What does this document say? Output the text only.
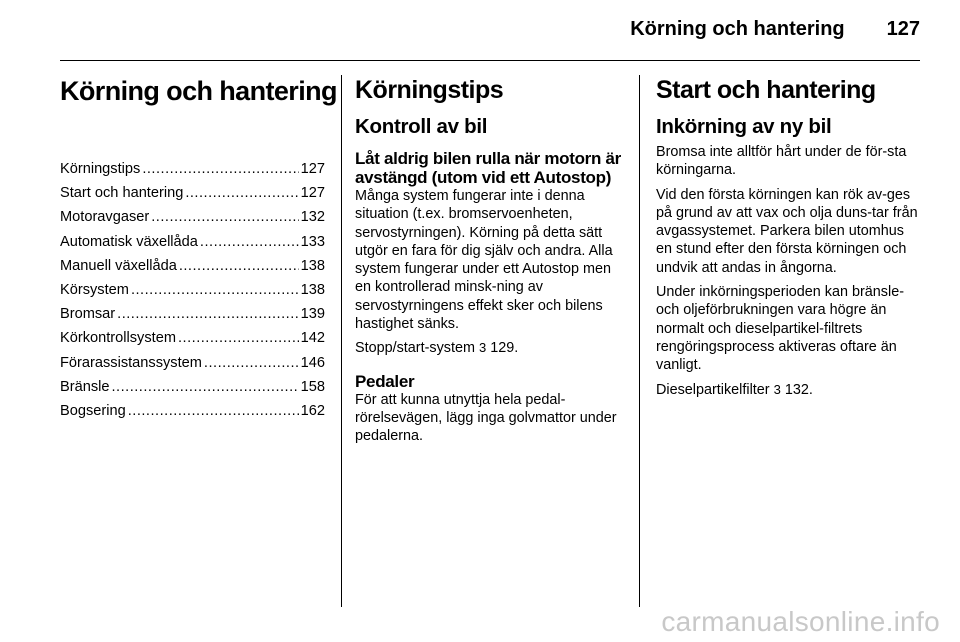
Körning och hantering 127
Körning och hantering
Körningstips .....	127
Start och hantering .....	127
Motoravgaser .....	132
Automatisk växellåda .....	133
Manuell växellåda .....	138
Körsystem .....	138
Bromsar .....	139
Körkontrollsystem .....	142
Förarassistanssystem .....	146
Bränsle .....	158
Bogsering .....	162
Körningstips
Kontroll av bil
Låt aldrig bilen rulla när motorn är avstängd (utom vid ett Autostop)

Många system fungerar inte i denna situation (t.ex. bromservoenheten, servostyrningen). Körning på detta sätt utgör en fara för dig själv och andra. Alla system fungerar under ett Autostop men en kontrollerad minsk-ning av servostyrningens effekt sker och bilens hastighet sänks.

Stopp/start-system 3 129.
Pedaler

För att kunna utnyttja hela pedal-rörelsevägen, lägg inga golvmattor under pedalerna.

Start och hantering
Inkörning av ny bil

Bromsa inte alltför hårt under de för-sta körningarna.

Vid den första körningen kan rök av-ges på grund av att vax och olja duns-tar från avgassystemet. Parkera bilen utomhus en stund efter den första körningen och undvik att andas in ångorna.

Under inkörningsperioden kan bränsle- och oljeförbrukningen vara högre än normalt och dieselpartikel-filtrets rengöringsprocess aktiveras oftare än vanligt.

Dieselpartikelfilter 3 132.
carmanualsonline.info
